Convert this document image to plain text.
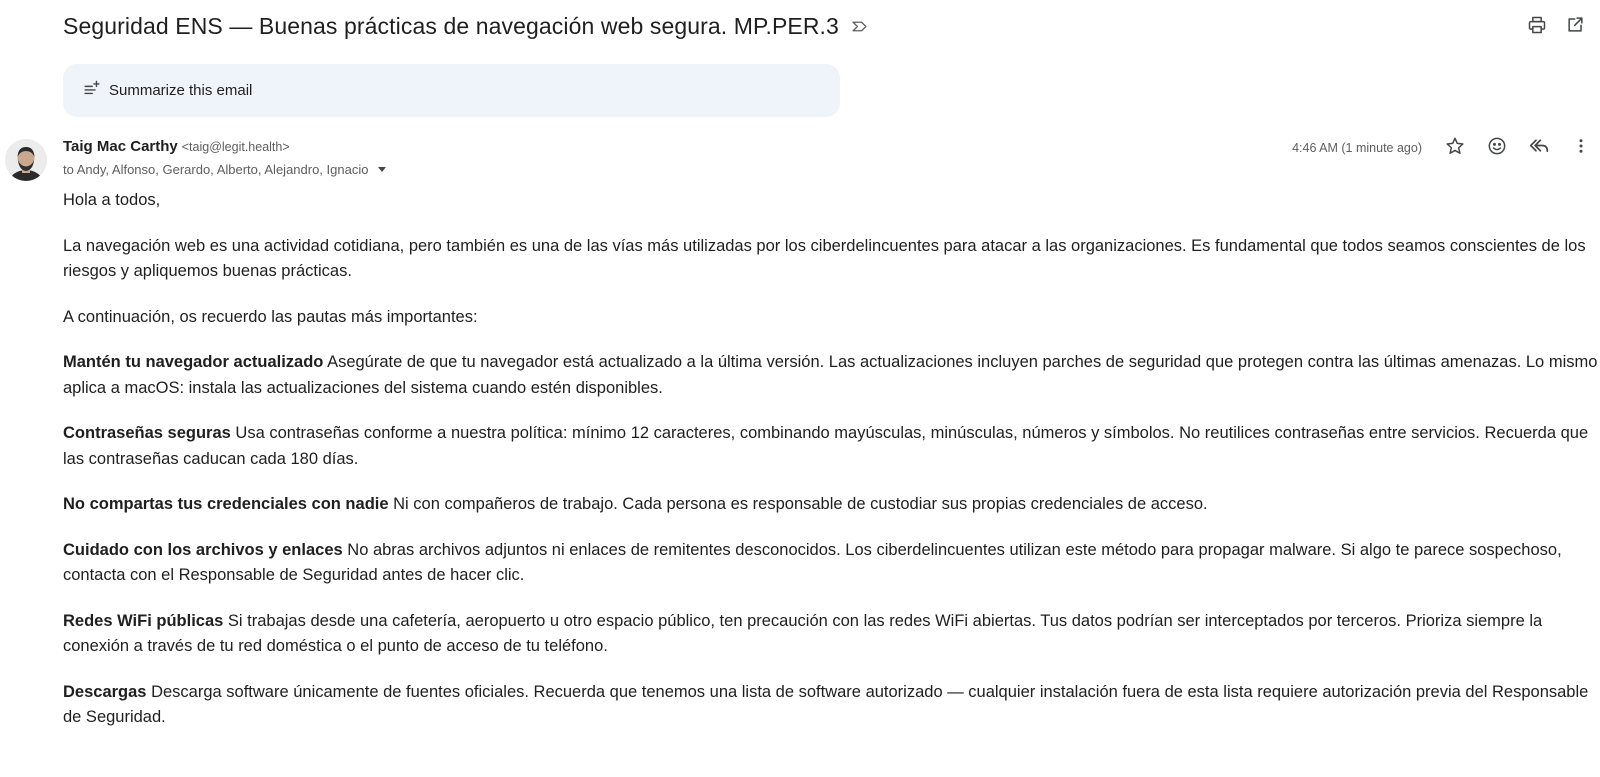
Seguridad ENS — Buenas prácticas de navegación web segura. MP.PER.3
Summarize this email
Taig Mac Carthy <taig@legit.health>
to Andy, Alfonso, Gerardo, Alberto, Alejandro, Ignacio
4:46 AM (1 minute ago)

Hola a todos,

La navegación web es una actividad cotidiana, pero también es una de las vías más utilizadas por los ciberdelincuentes para atacar a las organizaciones. Es fundamental que todos seamos conscientes de los riesgos y apliquemos buenas prácticas.

A continuación, os recuerdo las pautas más importantes:

Mantén tu navegador actualizado Asegúrate de que tu navegador está actualizado a la última versión. Las actualizaciones incluyen parches de seguridad que protegen contra las últimas amenazas. Lo mismo aplica a macOS: instala las actualizaciones del sistema cuando estén disponibles.

Contraseñas seguras Usa contraseñas conforme a nuestra política: mínimo 12 caracteres, combinando mayúsculas, minúsculas, números y símbolos. No reutilices contraseñas entre servicios. Recuerda que las contraseñas caducan cada 180 días.

No compartas tus credenciales con nadie Ni con compañeros de trabajo. Cada persona es responsable de custodiar sus propias credenciales de acceso.

Cuidado con los archivos y enlaces No abras archivos adjuntos ni enlaces de remitentes desconocidos. Los ciberdelincuentes utilizan este método para propagar malware. Si algo te parece sospechoso, contacta con el Responsable de Seguridad antes de hacer clic.

Redes WiFi públicas Si trabajas desde una cafetería, aeropuerto u otro espacio público, ten precaución con las redes WiFi abiertas. Tus datos podrían ser interceptados por terceros. Prioriza siempre la conexión a través de tu red doméstica o el punto de acceso de tu teléfono.

Descargas Descarga software únicamente de fuentes oficiales. Recuerda que tenemos una lista de software autorizado — cualquier instalación fuera de esta lista requiere autorización previa del Responsable de Seguridad.
